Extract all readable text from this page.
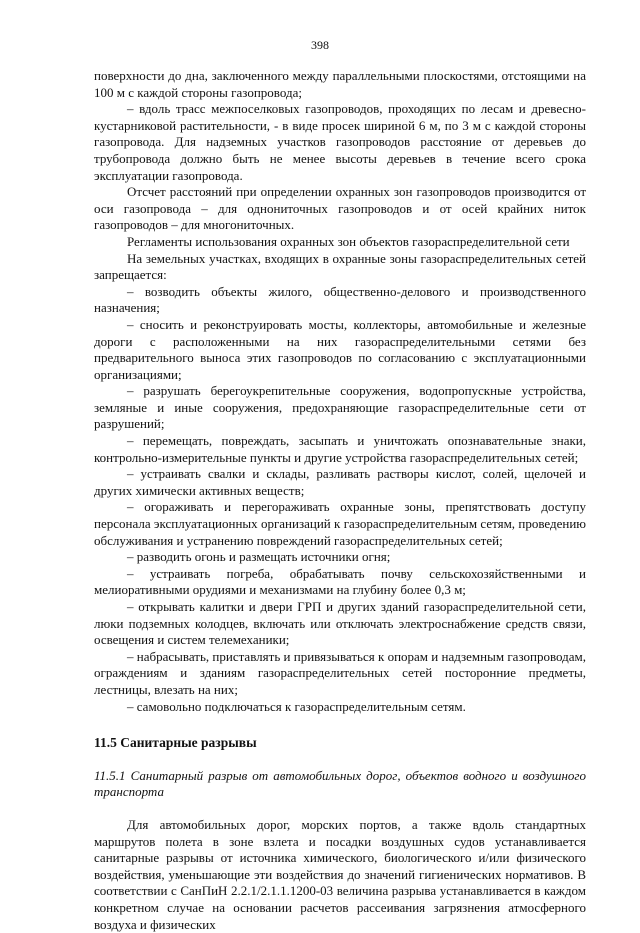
398

поверхности до дна, заключенного между параллельными плоскостями, отстоящими на 100 м с каждой стороны газопровода;

– вдоль трасс межпоселковых газопроводов, проходящих по лесам и древеснокустарниковой растительности, - в виде просек шириной 6 м, по 3 м с каждой стороны газопровода. Для надземных участков газопроводов расстояние от деревьев до трубопровода должно быть не менее высоты деревьев в течение всего срока эксплуатации газопровода.

Отсчет расстояний при определении охранных зон газопроводов производится от оси газопровода – для однониточных газопроводов и от осей крайних ниток газопроводов – для многониточных.

Регламенты использования охранных зон объектов газораспределительной сети

На земельных участках, входящих в охранные зоны газораспределительных сетей запрещается:

– возводить объекты жилого, общественно-делового и производственного назначения;

– сносить и реконструировать мосты, коллекторы, автомобильные и железные дороги с расположенными на них газораспределительными сетями без предварительного выноса этих газопроводов по согласованию с эксплуатационными организациями;

– разрушать берегоукрепительные сооружения, водопропускные устройства, земляные и иные сооружения, предохраняющие газораспределительные сети от разрушений;

– перемещать, повреждать, засыпать и уничтожать опознавательные знаки, контрольно-измерительные пункты и другие устройства газораспределительных сетей;

– устраивать свалки и склады, разливать растворы кислот, солей, щелочей и других химически активных веществ;

– огораживать и перегораживать охранные зоны, препятствовать доступу персонала эксплуатационных организаций к газораспределительным сетям, проведению обслуживания и устранению повреждений газораспределительных сетей;

– разводить огонь и размещать источники огня;

– устраивать погреба, обрабатывать почву сельскохозяйственными и мелиоративными орудиями и механизмами на глубину более 0,3 м;

– открывать калитки и двери ГРП и других зданий газораспределительной сети, люки подземных колодцев, включать или отключать электроснабжение средств связи, освещения и систем телемеханики;

– набрасывать, приставлять и привязываться к опорам и надземным газопроводам, ограждениям и зданиям газораспределительных сетей посторонние предметы, лестницы, влезать на них;

– самовольно подключаться к газораспределительным сетям.

11.5 Санитарные разрывы

11.5.1 Санитарный разрыв от автомобильных дорог, объектов водного и воздушного транспорта

Для автомобильных дорог, морских портов, а также вдоль стандартных маршрутов полета в зоне взлета и посадки воздушных судов устанавливается санитарные разрывы от источника химического, биологического и/или физического воздействия, уменьшающие эти воздействия до значений гигиенических нормативов. В соответствии с СанПиН 2.2.1/2.1.1.1200-03 величина разрыва устанавливается в каждом конкретном случае на основании расчетов рассеивания загрязнения атмосферного воздуха и физических
